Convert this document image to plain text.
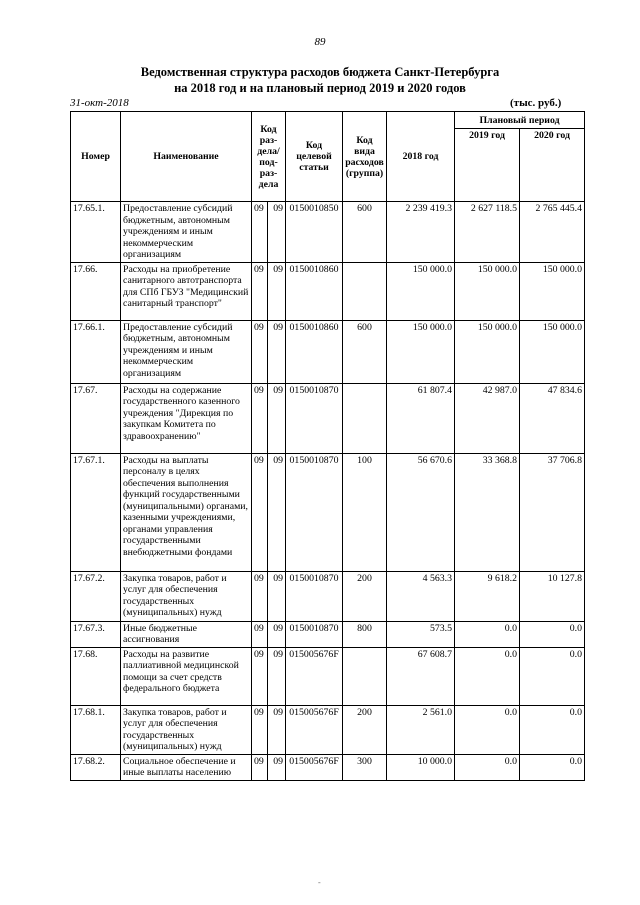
89
Ведомственная структура расходов бюджета Санкт-Петербурга
на 2018 год и на плановый период 2019 и 2020 годов
31-окт-2018	(тыс. руб.)
Номер	Наименование	Код раз- дела/ под- раз- дела		Код целевой статьи	Код вида расходов (группа)	2018 год	Плановый период	
							2019 год	2020 год
17.65.1.	Предоставление субсидий бюджетным, автономным учреждениям и иным некоммерческим организациям	09	09	0150010850	600	2 239 419.3	2 627 118.5	2 765 445.4
17.66.	Расходы на приобретение санитарного автотранспорта для СПб ГБУЗ "Медицинский санитарный транспорт"	09	09	0150010860		150 000.0	150 000.0	150 000.0
17.66.1.	Предоставление субсидий бюджетным, автономным учреждениям и иным некоммерческим организациям	09	09	0150010860	600	150 000.0	150 000.0	150 000.0
17.67.	Расходы на содержание государственного казенного учреждения "Дирекция по закупкам Комитета по здравоохранению"	09	09	0150010870		61 807.4	42 987.0	47 834.6
17.67.1.	Расходы на выплаты персоналу в целях обеспечения выполнения функций государственными (муниципальными) органами, казенными учреждениями, органами управления государственными внебюджетными фондами	09	09	0150010870	100	56 670.6	33 368.8	37 706.8
17.67.2.	Закупка товаров, работ и услуг для обеспечения государственных (муниципальных) нужд	09	09	0150010870	200	4 563.3	9 618.2	10 127.8
17.67.3.	Иные бюджетные ассигнования	09	09	0150010870	800	573.5	0.0	0.0
17.68.	Расходы на развитие паллиативной медицинской помощи за счет средств федерального бюджета	09	09	015005676F		67 608.7	0.0	0.0
17.68.1.	Закупка товаров, работ и услуг для обеспечения государственных (муниципальных) нужд	09	09	015005676F	200	2 561.0	0.0	0.0
17.68.2.	Социальное обеспечение и иные выплаты населению	09	09	015005676F	300	10 000.0	0.0	0.0
-
